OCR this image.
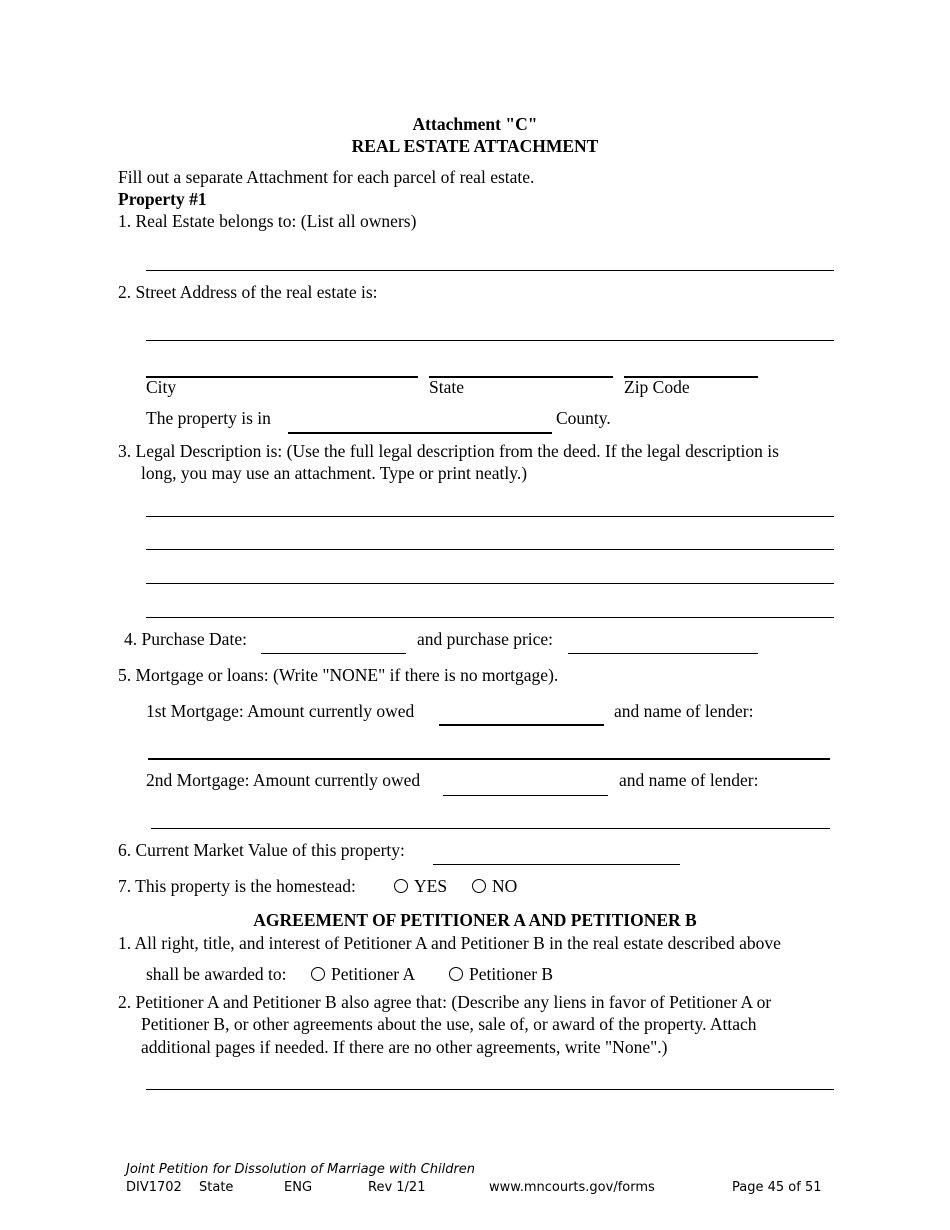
Attachment "C"
REAL ESTATE ATTACHMENT
Fill out a separate Attachment for each parcel of real estate.
Property #1
1. Real Estate belongs to: (List all owners)
2. Street Address of the real estate is:
City	State	Zip Code
The property is in	County.
3. Legal Description is: (Use the full legal description from the deed. If the legal description is
long, you may use an attachment. Type or print neatly.)
4. Purchase Date:	and purchase price:
5. Mortgage or loans: (Write "NONE" if there is no mortgage).
1st Mortgage: Amount currently owed	and name of lender:
2nd Mortgage: Amount currently owed	and name of lender:
6. Current Market Value of this property:
7. This property is the homestead:	YES	NO
AGREEMENT OF PETITIONER A AND PETITIONER B
1. All right, title, and interest of Petitioner A and Petitioner B in the real estate described above
shall be awarded to:	Petitioner A	Petitioner B
2. Petitioner A and Petitioner B also agree that: (Describe any liens in favor of Petitioner A or
Petitioner B, or other agreements about the use, sale of, or award of the property. Attach
additional pages if needed. If there are no other agreements, write "None".)
Joint Petition for Dissolution of Marriage with Children
DIV1702 State	ENG	Rev 1/21	www.mncourts.gov/forms	Page 45 of 51
